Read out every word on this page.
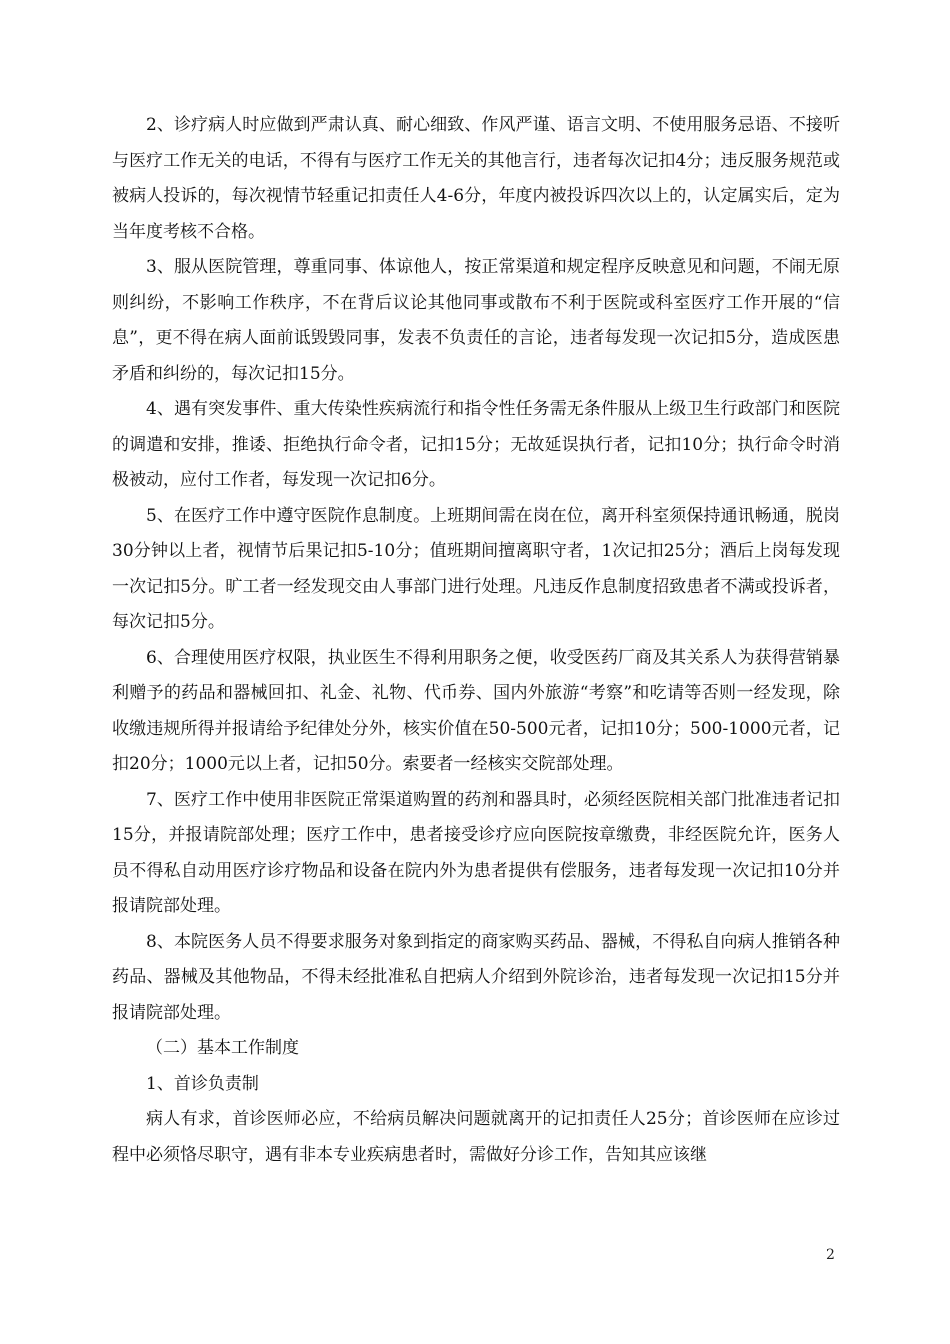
2、诊疗病人时应做到严肃认真、耐心细致、作风严谨、语言文明、不使用服务忌语、不接听与医疗工作无关的电话，不得有与医疗工作无关的其他言行，违者每次记扣4分；违反服务规范或被病人投诉的，每次视情节轻重记扣责任人4-6分，年度内被投诉四次以上的，认定属实后，定为当年度考核不合格。

3、服从医院管理，尊重同事、体谅他人，按正常渠道和规定程序反映意见和问题，不闹无原则纠纷，不影响工作秩序，不在背后议论其他同事或散布不利于医院或科室医疗工作开展的“信息”，更不得在病人面前诋毁毁同事，发表不负责任的言论，违者每发现一次记扣5分，造成医患矛盾和纠纷的，每次记扣15分。

4、遇有突发事件、重大传染性疾病流行和指令性任务需无条件服从上级卫生行政部门和医院的调遣和安排，推诿、拒绝执行命令者，记扣15分；无故延误执行者，记扣10分；执行命令时消极被动，应付工作者，每发现一次记扣6分。

5、在医疗工作中遵守医院作息制度。上班期间需在岗在位，离开科室须保持通讯畅通，脱岗30分钟以上者，视情节后果记扣5-10分；值班期间擅离职守者，1次记扣25分；酒后上岗每发现一次记扣5分。旷工者一经发现交由人事部门进行处理。凡违反作息制度招致患者不满或投诉者，每次记扣5分。

6、合理使用医疗权限，执业医生不得利用职务之便，收受医药厂商及其关系人为获得营销暴利赠予的药品和器械回扣、礼金、礼物、代币券、国内外旅游“考察”和吃请等否则一经发现，除收缴违规所得并报请给予纪律处分外，核实价值在50-500元者，记扣10分；500-1000元者，记扣20分；1000元以上者，记扣50分。索要者一经核实交院部处理。

7、医疗工作中使用非医院正常渠道购置的药剂和器具时，必须经医院相关部门批准违者记扣15分，并报请院部处理；医疗工作中，患者接受诊疗应向医院按章缴费，非经医院允许，医务人员不得私自动用医疗诊疗物品和设备在院内外为患者提供有偿服务，违者每发现一次记扣10分并报请院部处理。

8、本院医务人员不得要求服务对象到指定的商家购买药品、器械，不得私自向病人推销各种药品、器械及其他物品，不得未经批准私自把病人介绍到外院诊治，违者每发现一次记扣15分并报请院部处理。

（二）基本工作制度

1、首诊负责制

病人有求，首诊医师必应，不给病员解决问题就离开的记扣责任人25分；首诊医师在应诊过程中必须恪尽职守，遇有非本专业疾病患者时，需做好分诊工作，告知其应该继

2
